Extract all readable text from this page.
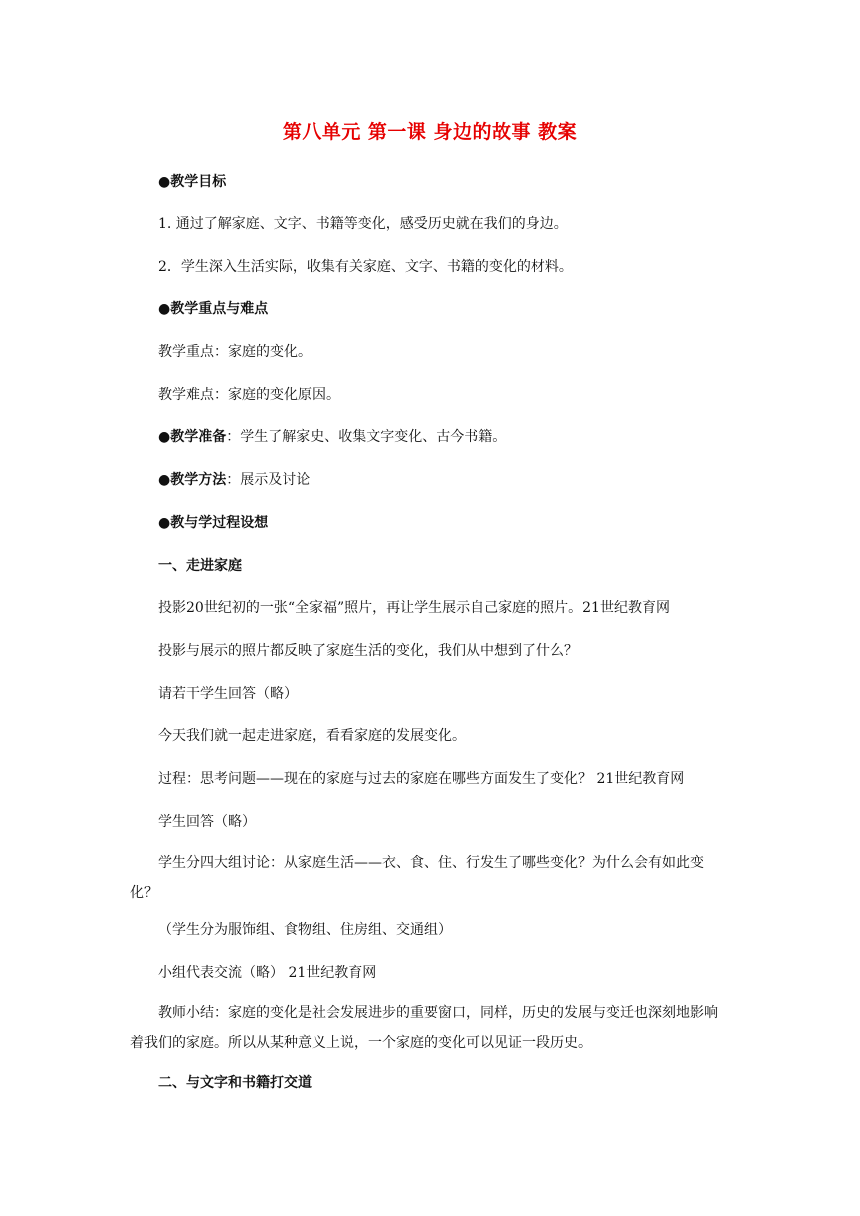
第八单元 第一课 身边的故事 教案
●教学目标
1. 通过了解家庭、文字、书籍等变化，感受历史就在我们的身边。
2．学生深入生活实际，收集有关家庭、文字、书籍的变化的材料。
●教学重点与难点
教学重点：家庭的变化。
教学难点：家庭的变化原因。
●教学准备：学生了解家史、收集文字变化、古今书籍。
●教学方法：展示及讨论
●教与学过程设想
一、走进家庭
投影20世纪初的一张“全家福”照片，再让学生展示自己家庭的照片。21世纪教育网
投影与展示的照片都反映了家庭生活的变化，我们从中想到了什么？
请若干学生回答（略）
今天我们就一起走进家庭，看看家庭的发展变化。
过程：思考问题——现在的家庭与过去的家庭在哪些方面发生了变化？ 21世纪教育网
学生回答（略）
学生分四大组讨论：从家庭生活——衣、食、住、行发生了哪些变化？为什么会有如此变化？
（学生分为服饰组、食物组、住房组、交通组）
小组代表交流（略） 21世纪教育网
教师小结：家庭的变化是社会发展进步的重要窗口，同样，历史的发展与变迁也深刻地影响着我们的家庭。所以从某种意义上说，一个家庭的变化可以见证一段历史。
二、与文字和书籍打交道
